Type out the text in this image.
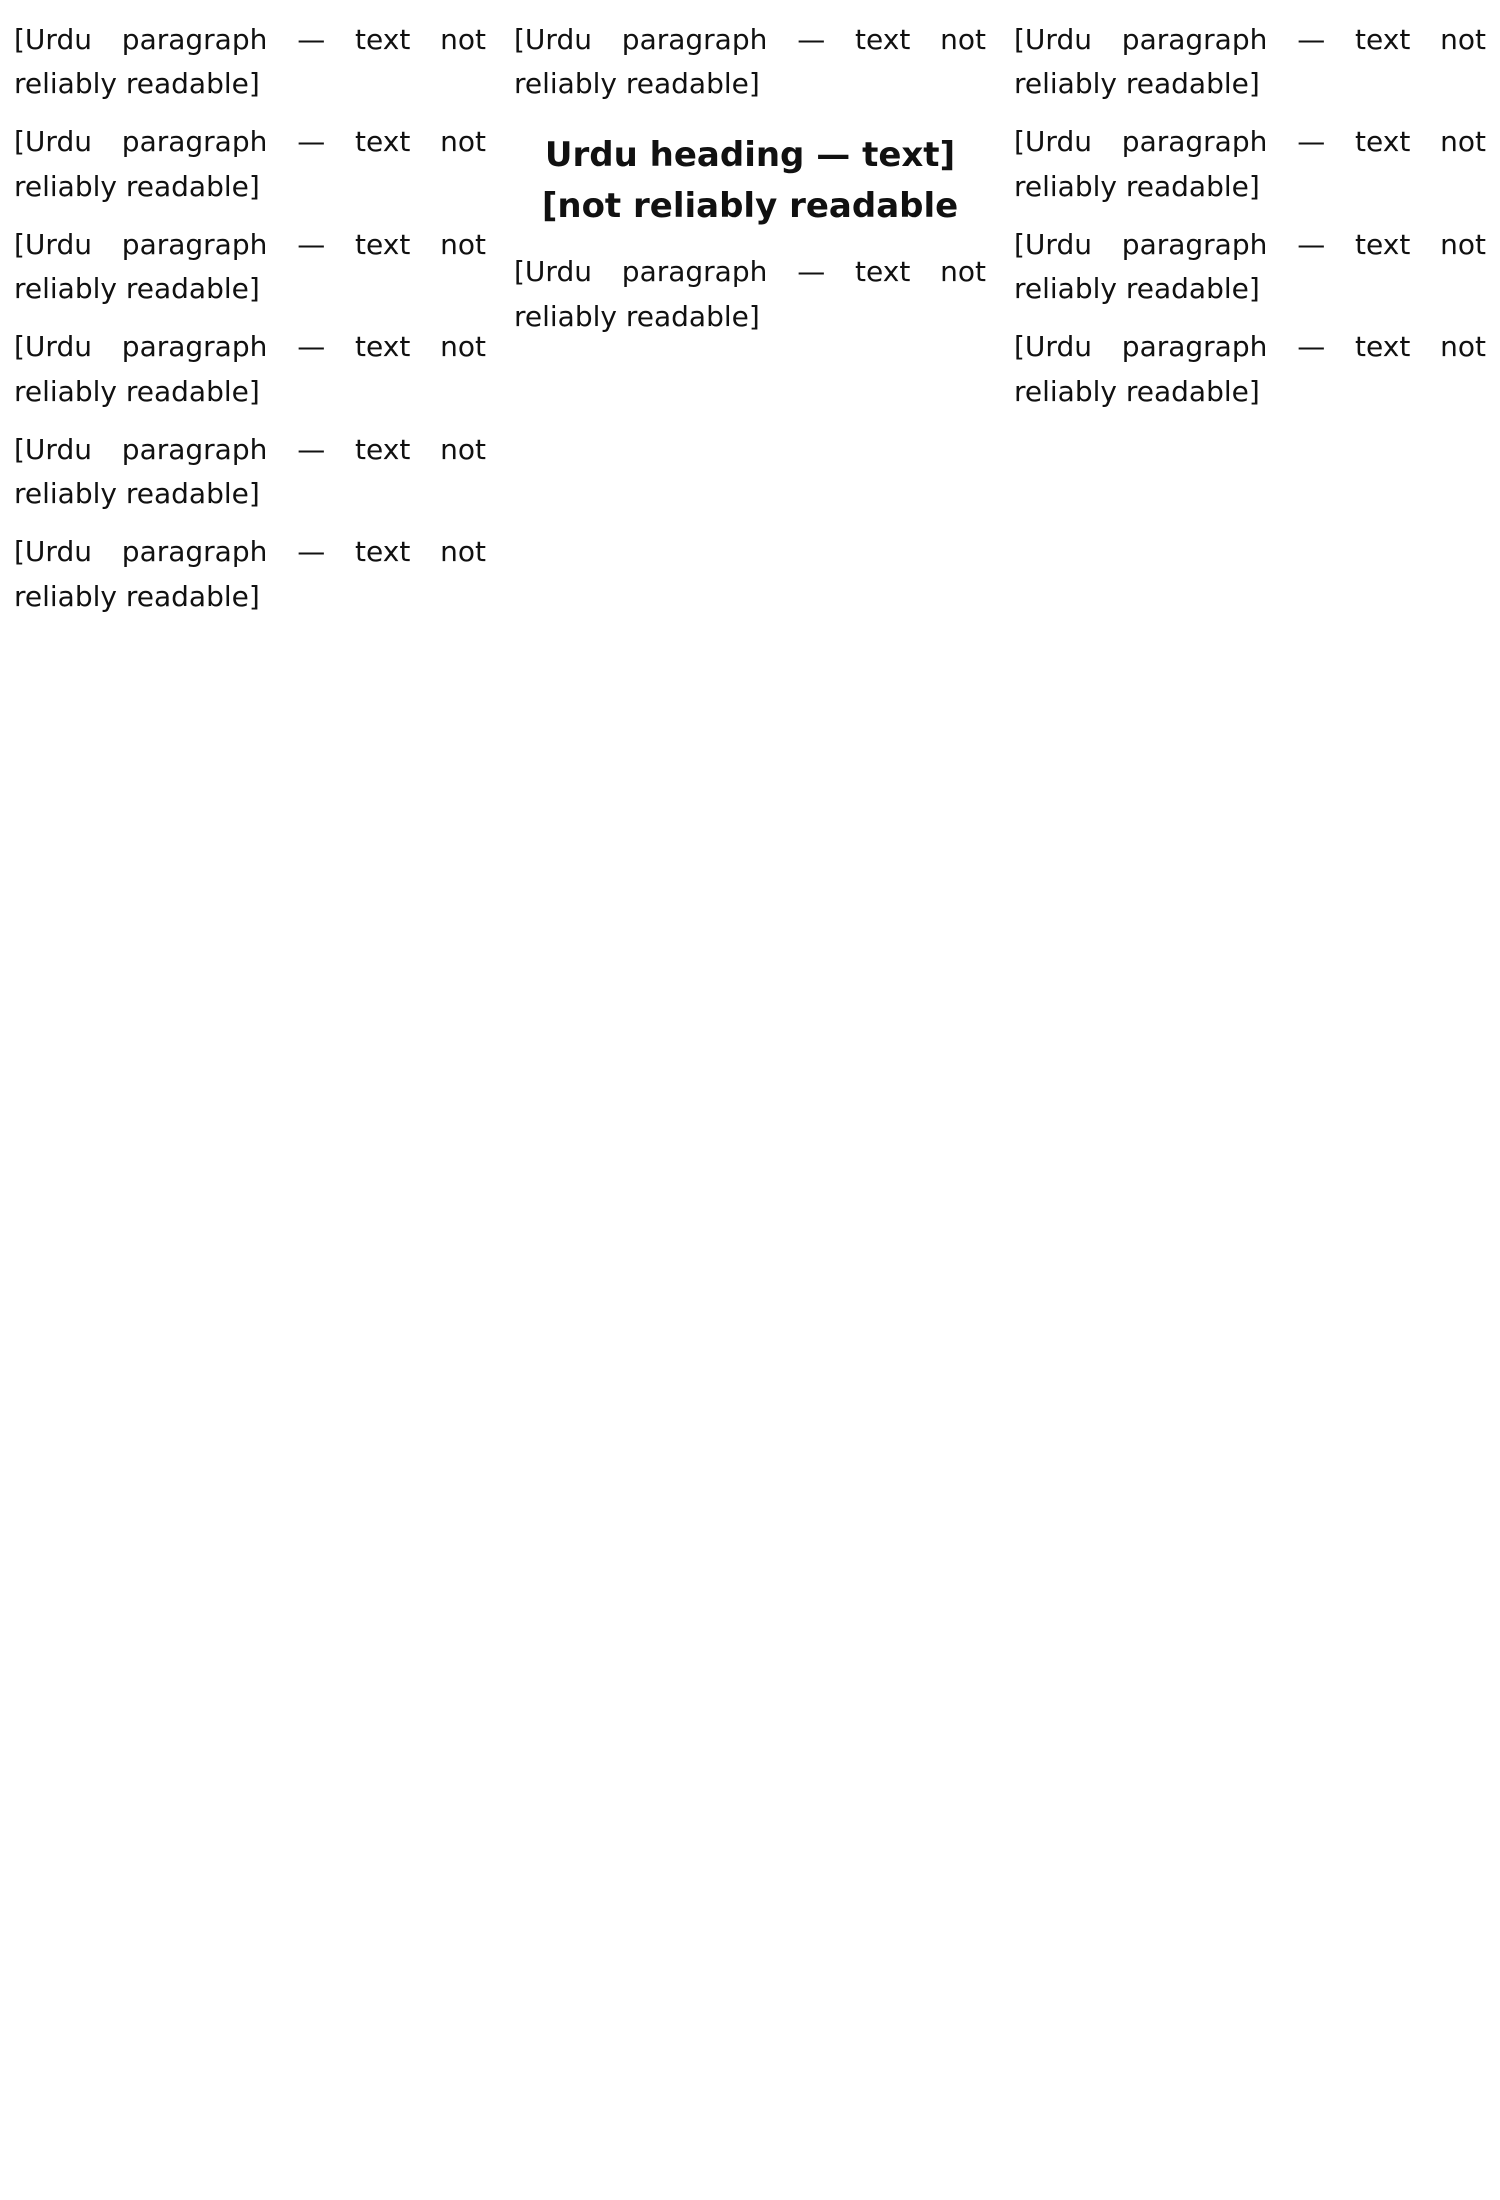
[Urdu paragraph — text not reliably readable]

[Urdu paragraph — text not reliably readable]

[Urdu paragraph — text not reliably readable]

[Urdu paragraph — text not reliably readable]

[Urdu paragraph — text not reliably readable]

[Urdu heading — text not reliably readable]

[Urdu paragraph — text not reliably readable]

[Urdu paragraph — text not reliably readable]

[Urdu paragraph — text not reliably readable]

[Urdu paragraph — text not reliably readable]

[Urdu paragraph — text not reliably readable]

[Urdu paragraph — text not reliably readable]

[Urdu paragraph — text not reliably readable]
